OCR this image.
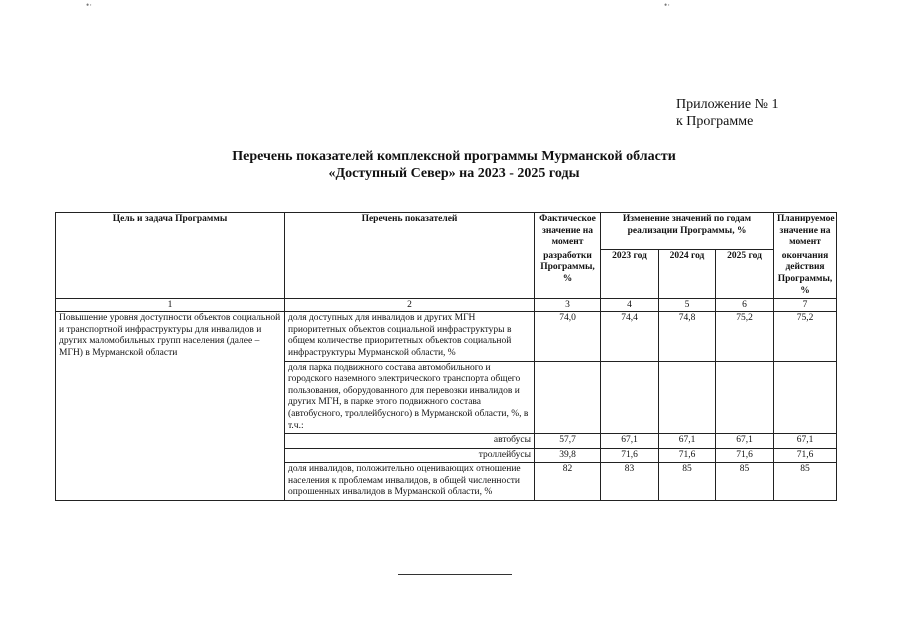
•·	•·
Приложение № 1
к Программе
Перечень показателей комплексной программы Мурманской области
«Доступный Север» на 2023 - 2025 годы
Цель и задача Программы	Перечень показателей	Фактическое значение на момент	Изменение значений по годам реализации Программы, %			Планируемое значение на момент
		разработки Программы, %	2023 год	2024 год	2025 год	окончания действия Программы, %
1	2	3	4	5	6	7
Повышение уровня доступности объектов социальной и транспортной инфраструктуры для инвалидов и других маломобильных групп населения (далее – МГН) в Мурманской области	доля доступных для инвалидов и других МГН приоритетных объектов социальной инфраструктуры в общем количестве приоритетных объектов социальной инфраструктуры Мурманской области, %	74,0	74,4	74,8	75,2	75,2
	доля парка подвижного состава автомобильного и городского наземного электрического транспорта общего пользования, оборудованного для перевозки инвалидов и других МГН, в парке этого подвижного состава (автобусного, троллейбусного) в Мурманской области, %, в т.ч.:					
	автобусы	57,7	67,1	67,1	67,1	67,1
	троллейбусы	39,8	71,6	71,6	71,6	71,6
	доля инвалидов, положительно оценивающих отношение населения к проблемам инвалидов, в общей численности опрошенных инвалидов в Мурманской области, %	82	83	85	85	85
